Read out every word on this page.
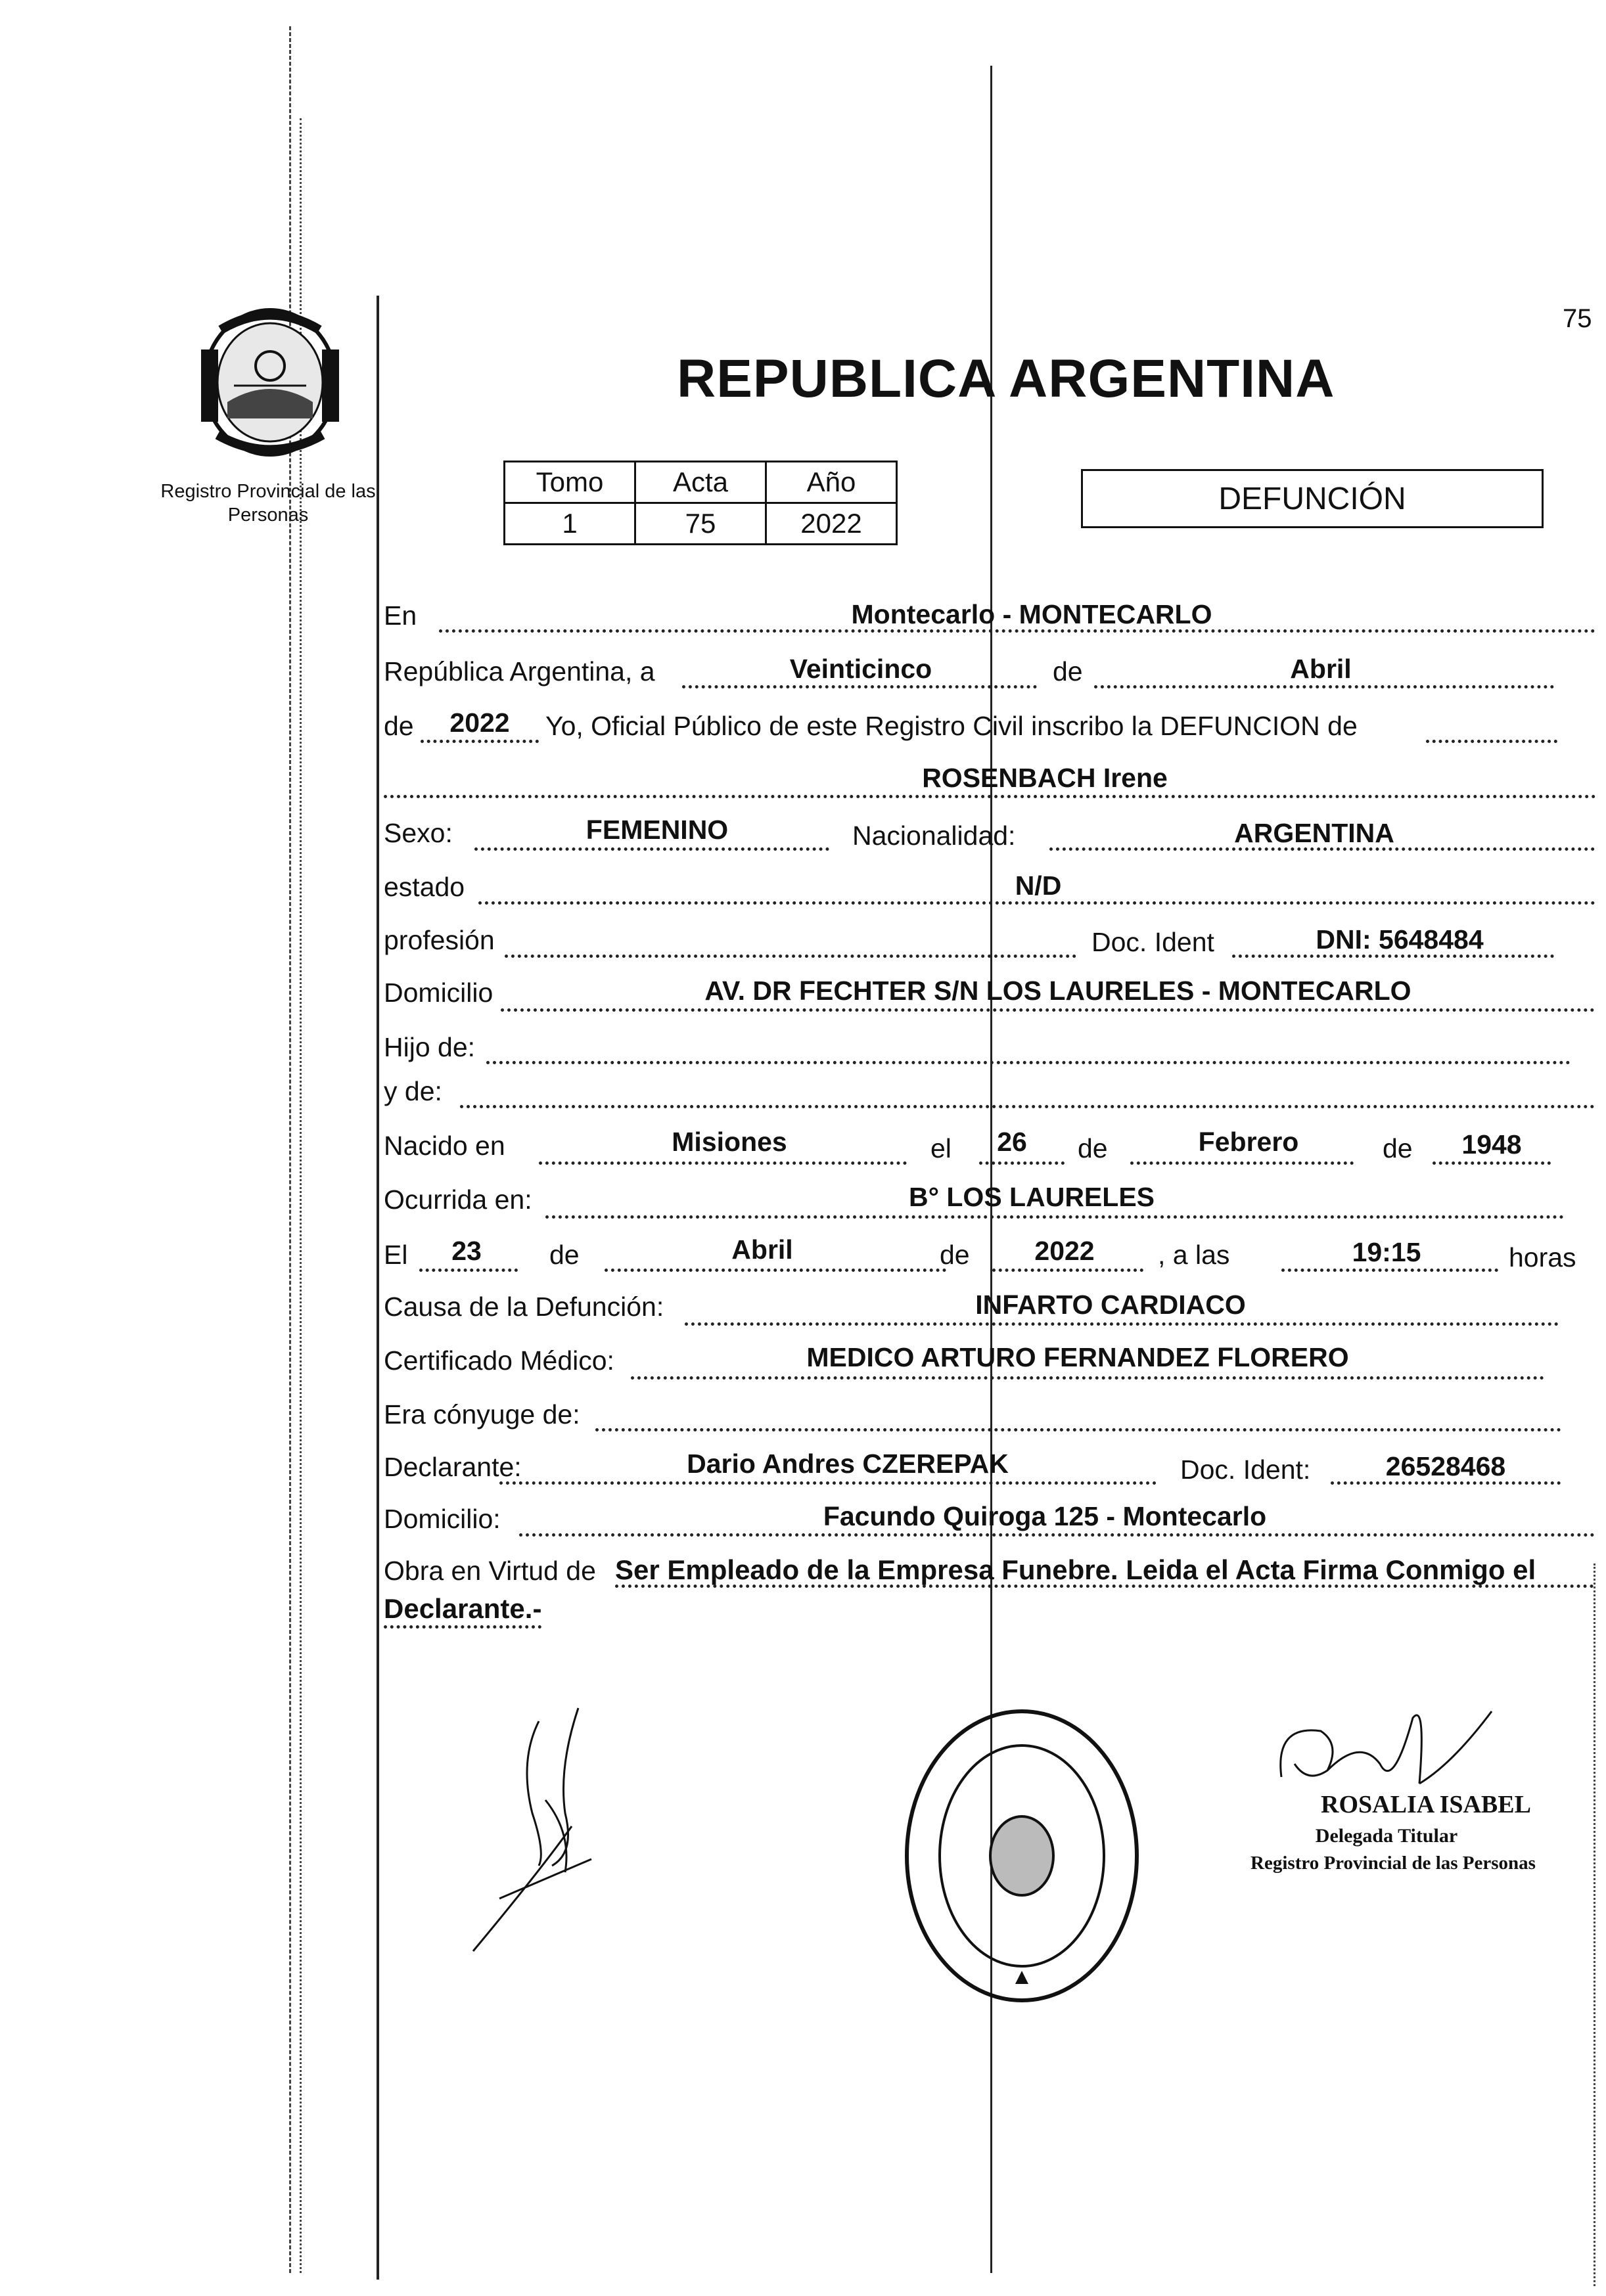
75
Registro Provincial de las Personas
REPUBLICA ARGENTINA
Tomo	Acta	Año
1	75	2022
DEFUNCIÓN
En	Montecarlo - MONTECARLO
República Argentina, a	Veinticinco	de	Abril
de	2022	Yo, Oficial Público de este Registro Civil inscribo la DEFUNCION de
ROSENBACH Irene
Sexo:	FEMENINO	Nacionalidad:	ARGENTINA
estado	N/D
profesión	Doc. Ident	DNI: 5648484
Domicilio	AV. DR FECHTER S/N LOS LAURELES - MONTECARLO
Hijo de:
y de:
Nacido en	Misiones	el	26	de	Febrero	de	1948
Ocurrida en:	B° LOS LAURELES
El	23	de	Abril	de	2022	, a las	19:15	horas
Causa de la Defunción:	INFARTO CARDIACO
Certificado Médico:	MEDICO ARTURO FERNANDEZ FLORERO
Era cónyuge de:
Declarante:	Dario Andres CZEREPAK	Doc. Ident:	26528468
Domicilio:	Facundo Quiroga 125 - Montecarlo
Obra en Virtud de Ser Empleado de la Empresa Funebre. Leida el Acta Firma Conmigo el
Declarante.-
ROSALIA ISABEL
Delegada Titular
Registro Provincial de las Personas
